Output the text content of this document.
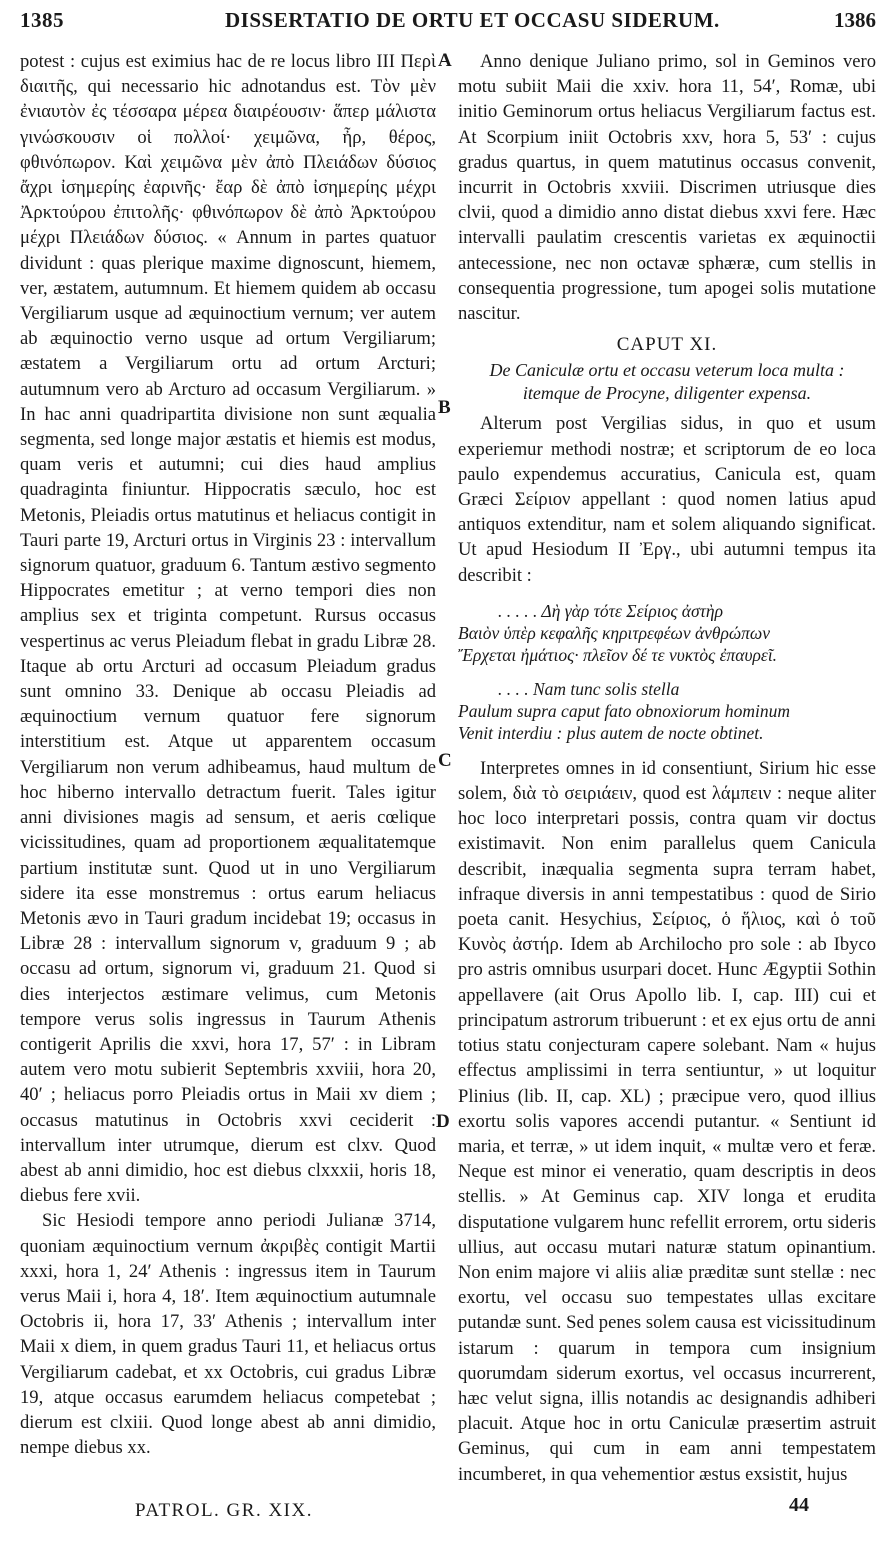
1385	DISSERTATIO DE ORTU ET OCCASU SIDERUM.	1386

potest : cujus est eximius hac de re locus libro III Περὶ διαιτῆς, qui necessario hic adnotandus est. Τὸν μὲν ἐνιαυτὸν ἐς τέσσαρα μέρεα διαιρέουσιν· ἅπερ μάλιστα γινώσκουσιν οἱ πολλοί· χειμῶνα, ἦρ, θέρος, φθινόπωρον. Καὶ χειμῶνα μὲν ἀπὸ Πλειάδων δύσιος ἄχρι ἰσημερίης ἐαρινῆς· ἔαρ δὲ ἀπὸ ἰσημερίης μέχρι Ἀρκτούρου ἐπιτολῆς· φθινόπωρον δὲ ἀπὸ Ἀρκτούρου μέχρι Πλειάδων δύσιος. « Annum in partes quatuor dividunt : quas plerique maxime dignoscunt, hiemem, ver, æstatem, autumnum. Et hiemem quidem ab occasu Vergiliarum usque ad æquinoctium vernum; ver autem ab æquinoctio verno usque ad ortum Vergiliarum; æstatem a Vergiliarum ortu ad ortum Arcturi; autumnum vero ab Arcturo ad occasum Vergiliarum. » In hac anni quadripartita divisione non sunt æqualia segmenta, sed longe major æstatis et hiemis est modus, quam veris et autumni; cui dies haud amplius quadraginta finiuntur. Hippocratis sæculo, hoc est Metonis, Pleiadis ortus matutinus et heliacus contigit in Tauri parte 19, Arcturi ortus in Virginis 23 : intervallum signorum quatuor, graduum 6. Tantum æstivo segmento Hippocrates emetitur ; at verno tempori dies non amplius sex et triginta competunt. Rursus occasus vespertinus ac verus Pleiadum flebat in gradu Libræ 28. Itaque ab ortu Arcturi ad occasum Pleiadum gradus sunt omnino 33. Denique ab occasu Pleiadis ad æquinoctium vernum quatuor fere signorum interstitium est. Atque ut apparentem occasum Vergiliarum non verum adhibeamus, haud multum de hoc hiberno intervallo detractum fuerit. Tales igitur anni divisiones magis ad sensum, et aeris cœlique vicissitudines, quam ad proportionem æqualitatemque partium institutæ sunt. Quod ut in uno Vergiliarum sidere ita esse monstremus : ortus earum heliacus Metonis ævo in Tauri gradum incidebat 19; occasus in Libræ 28 : intervallum signorum v, graduum 9 ; ab occasu ad ortum, signorum vi, graduum 21. Quod si dies interjectos æstimare velimus, cum Metonis tempore verus solis ingressus in Taurum Athenis contigerit Aprilis die xxvi, hora 17, 57′ : in Libram autem vero motu subierit Septembris xxviii, hora 20, 40′ ; heliacus porro Pleiadis ortus in Maii xv diem ; occasus matutinus in Octobris xxvi ceciderit : intervallum inter utrumque, dierum est clxv. Quod abest ab anni dimidio, hoc est diebus clxxxii, horis 18, diebus fere xvii.

Sic Hesiodi tempore anno periodi Julianæ 3714, quoniam æquinoctium vernum ἀκριβὲς contigit Martii xxxi, hora 1, 24′ Athenis : ingressus item in Taurum verus Maii i, hora 4, 18′. Item æquinoctium autumnale Octobris ii, hora 17, 33′ Athenis ; intervallum inter Maii x diem, in quem gradus Tauri 11, et heliacus ortus Vergiliarum cadebat, et xx Octobris, cui gradus Libræ 19, atque occasus earumdem heliacus competebat ; dierum est clxiii. Quod longe abest ab anni dimidio, nempe diebus xx.

Anno denique Juliano primo, sol in Geminos vero motu subiit Maii die xxiv. hora 11, 54′, Romæ, ubi initio Geminorum ortus heliacus Vergiliarum factus est. At Scorpium iniit Octobris xxv, hora 5, 53′ : cujus gradus quartus, in quem matutinus occasus convenit, incurrit in Octobris xxviii. Discrimen utriusque dies clvii, quod a dimidio anno distat diebus xxvi fere. Hæc intervalli paulatim crescentis varietas ex æquinoctii antecessione, nec non octavæ sphæræ, cum stellis in consequentia progressione, tum apogei solis mutatione nascitur.

CAPUT XI.
De Caniculæ ortu et occasu veterum loca multa :
itemque de Procyne, diligenter expensa.

Alterum post Vergilias sidus, in quo et usum experiemur methodi nostræ; et scriptorum de eo loca paulo expendemus accuratius, Canicula est, quam Græci Σείριον appellant : quod nomen latius apud antiquos extenditur, nam et solem aliquando significat. Ut apud Hesiodum II Ἐργ., ubi autumni tempus ita describit :

. . . . . Δὴ γὰρ τότε Σείριος ἀστὴρ
Βαιὸν ὑπὲρ κεφαλῆς κηριτρεφέων ἀνθρώπων
Ἔρχεται ἠμάτιος· πλεῖον δέ τε νυκτὸς ἐπαυρεῖ.
. . . . Nam tunc solis stella
Paulum supra caput fato obnoxiorum hominum
Venit interdiu : plus autem de nocte obtinet.

Interpretes omnes in id consentiunt, Sirium hic esse solem, διὰ τὸ σειριάειν, quod est λάμπειν : neque aliter hoc loco interpretari possis, contra quam vir doctus existimavit. Non enim parallelus quem Canicula describit, inæqualia segmenta supra terram habet, infraque diversis in anni tempestatibus : quod de Sirio poeta canit. Hesychius, Σείριος, ὁ ἥλιος, καὶ ὁ τοῦ Κυνὸς ἀστήρ. Idem ab Archilocho pro sole : ab Ibyco pro astris omnibus usurpari docet. Hunc Ægyptii Sothin appellavere (ait Orus Apollo lib. I, cap. III) cui et principatum astrorum tribuerunt : et ex ejus ortu de anni totius statu conjecturam capere solebant. Nam « hujus effectus amplissimi in terra sentiuntur, » ut loquitur Plinius (lib. II, cap. XL) ; præcipue vero, quod illius exortu solis vapores accendi putantur. « Sentiunt id maria, et terræ, » ut idem inquit, « multæ vero et feræ. Neque est minor ei veneratio, quam descriptis in deos stellis. » At Geminus cap. XIV longa et erudita disputatione vulgarem hunc refellit errorem, ortu sideris ullius, aut occasu mutari naturæ statum opinantium. Non enim majore vi aliis aliæ præditæ sunt stellæ : nec exortu, vel occasu suo tempestates ullas excitare putandæ sunt. Sed penes solem causa est vicissitudinum istarum : quarum in tempora cum insignium quorumdam siderum exortus, vel occasus incurrerent, hæc velut signa, illis notandis ac designandis adhiberi placuit. Atque hoc in ortu Caniculæ præsertim astruit Geminus, qui cum in eam anni tempestatem incumberet, in qua vehementior æstus exsistit, hujus

A
B
C
D
PATROL. GR. XIX.	44
